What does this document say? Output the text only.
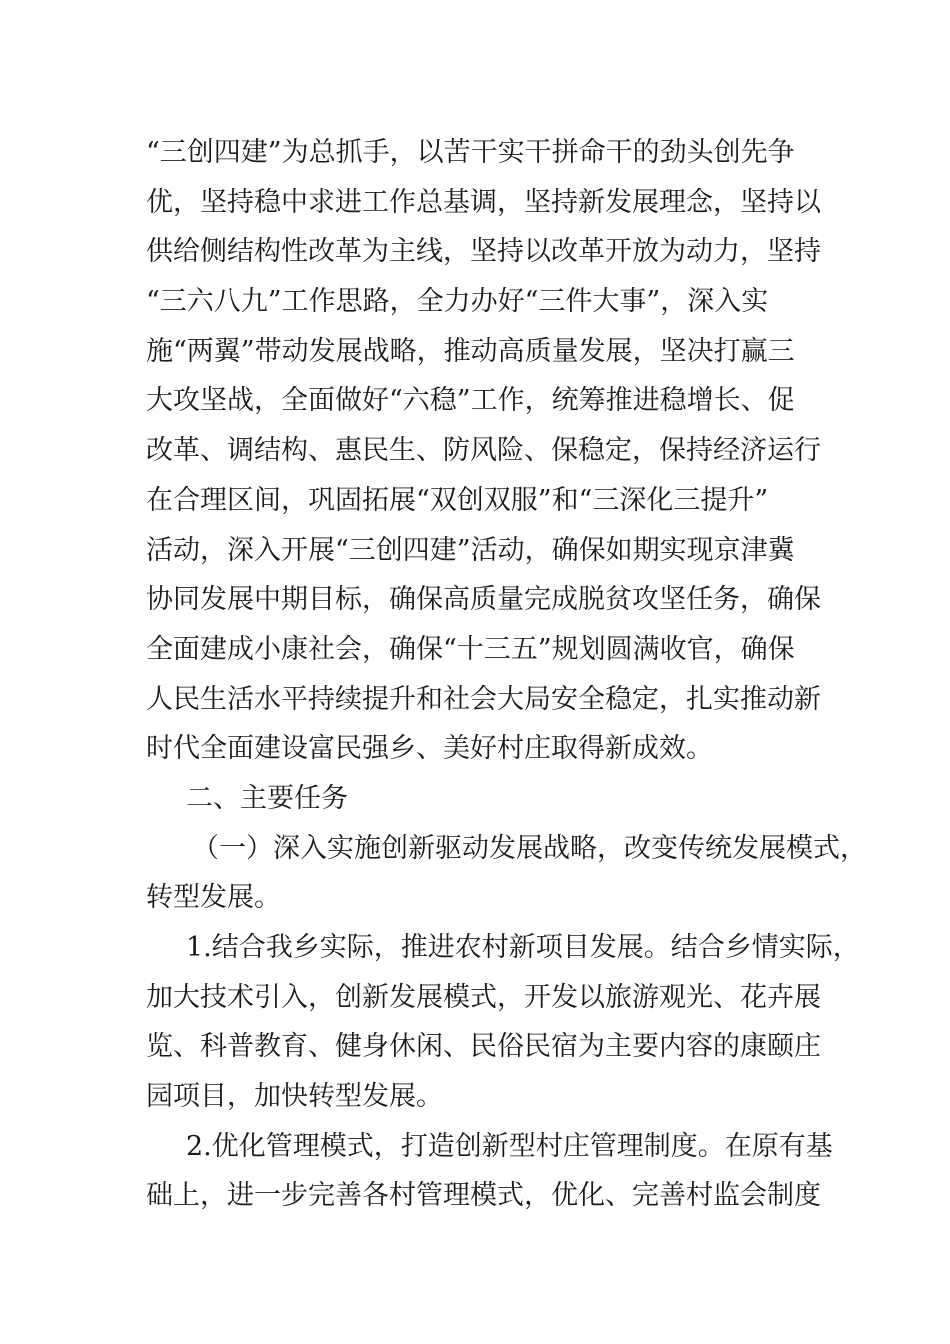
“三创四建”为总抓手，以苦干实干拼命干的劲头创先争
优，坚持稳中求进工作总基调，坚持新发展理念，坚持以
供给侧结构性改革为主线，坚持以改革开放为动力，坚持
“三六八九”工作思路，全力办好“三件大事”，深入实
施“两翼”带动发展战略，推动高质量发展，坚决打赢三
大攻坚战，全面做好“六稳”工作，统筹推进稳增长、促
改革、调结构、惠民生、防风险、保稳定，保持经济运行
在合理区间，巩固拓展“双创双服”和“三深化三提升”
活动，深入开展“三创四建”活动，确保如期实现京津冀
协同发展中期目标，确保高质量完成脱贫攻坚任务，确保
全面建成小康社会，确保“十三五”规划圆满收官，确保
人民生活水平持续提升和社会大局安全稳定，扎实推动新
时代全面建设富民强乡、美好村庄取得新成效。
二、主要任务
（一）深入实施创新驱动发展战略，改变传统发展模式，
转型发展。
1.结合我乡实际，推进农村新项目发展。结合乡情实际，
加大技术引入，创新发展模式，开发以旅游观光、花卉展
览、科普教育、健身休闲、民俗民宿为主要内容的康颐庄
园项目，加快转型发展。
2.优化管理模式，打造创新型村庄管理制度。在原有基
础上，进一步完善各村管理模式，优化、完善村监会制度
